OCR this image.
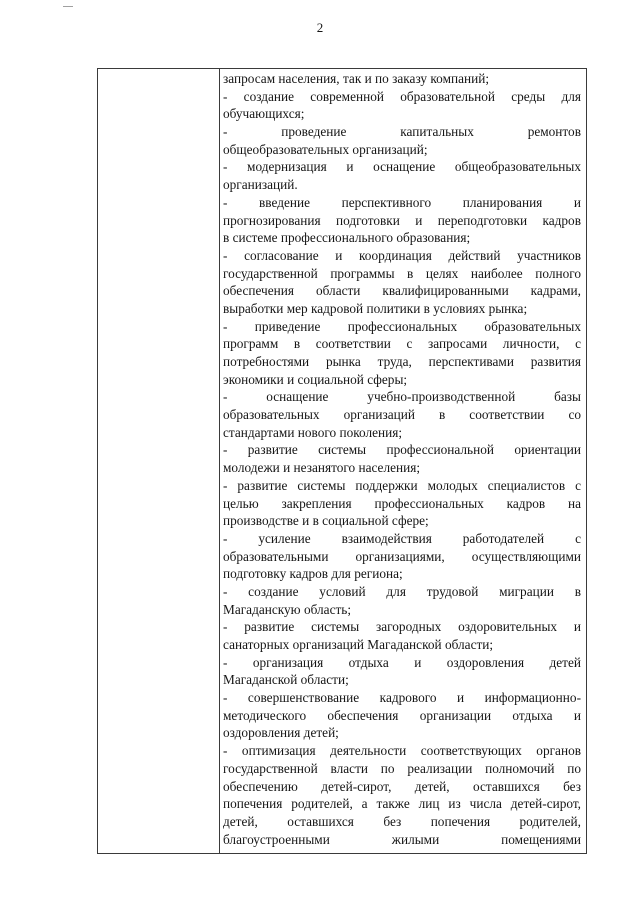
2
запросам населения, так и по заказу компаний;
- создание современной образовательной среды для
обучающихся;
- проведение капитальных ремонтов
общеобразовательных организаций;
- модернизация и оснащение общеобразовательных
организаций.
- введение перспективного планирования и
прогнозирования подготовки и переподготовки кадров
в системе профессионального образования;
- согласование и координация действий участников
государственной программы в целях наиболее полного
обеспечения области квалифицированными кадрами,
выработки мер кадровой политики в условиях рынка;
- приведение профессиональных образовательных
программ в соответствии с запросами личности, с
потребностями рынка труда, перспективами развития
экономики и социальной сферы;
- оснащение учебно-производственной базы
образовательных организаций в соответствии со
стандартами нового поколения;
- развитие системы профессиональной ориентации
молодежи и незанятого населения;
- развитие системы поддержки молодых специалистов с
целью закрепления профессиональных кадров на
производстве и в социальной сфере;
- усиление взаимодействия работодателей с
образовательными организациями, осуществляющими
подготовку кадров для региона;
- создание условий для трудовой миграции в
Магаданскую область;
- развитие системы загородных оздоровительных и
санаторных организаций Магаданской области;
- организация отдыха и оздоровления детей
Магаданской области;
- совершенствование кадрового и информационно-
методического обеспечения организации отдыха и
оздоровления детей;
- оптимизация деятельности соответствующих органов
государственной власти по реализации полномочий по
обеспечению детей-сирот, детей, оставшихся без
попечения родителей, а также лиц из числа детей-сирот,
детей, оставшихся без попечения родителей,
благоустроенными жилыми помещениями
